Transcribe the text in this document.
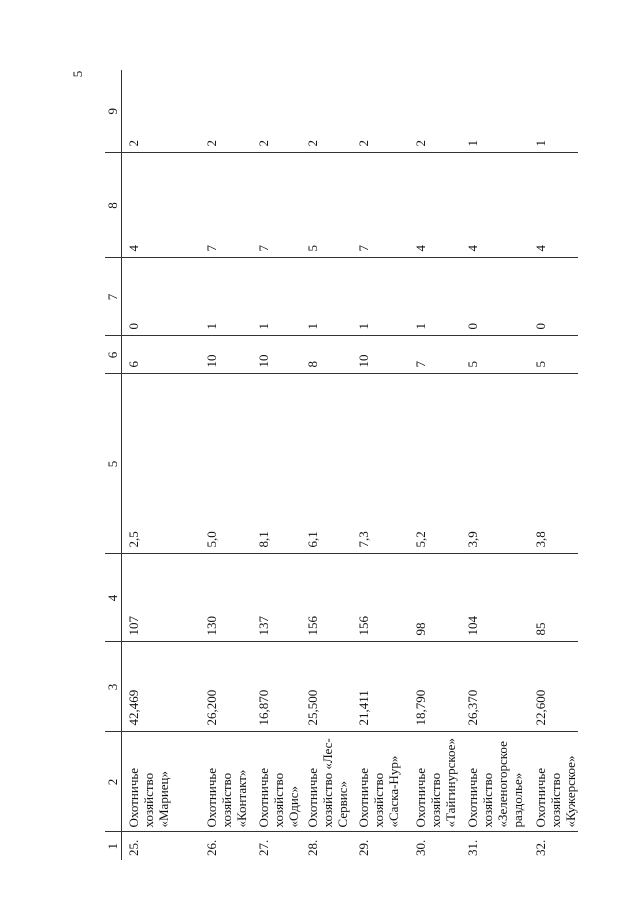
5
1	2	3	4	5	6	7	8	9
25.	Охотничье хозяйство «Мариец»	42,469	107	2,5	6	0	4	2
26.	Охотничье хозяйство «Контакт»	26,200	130	5,0	10	1	7	2
27.	Охотничье хозяйство «Одис»	16,870	137	8,1	10	1	7	2
28.	Охотничье хозяйство «Лес- Сервис»	25,500	156	6,1	8	1	5	2
29.	Охотничье хозяйство «Саска-Нур»	21,411	156	7,3	10	1	7	2
30.	Охотничье хозяйство «Тайгинурское»	18,790	98	5,2	7	1	4	2
31.	Охотничье хозяйство «Зеленогорское раздолье»	26,370	104	3,9	5	0	4	1
32.	Охотничье хозяйство «Кужерское»	22,600	85	3,8	5	0	4	1
